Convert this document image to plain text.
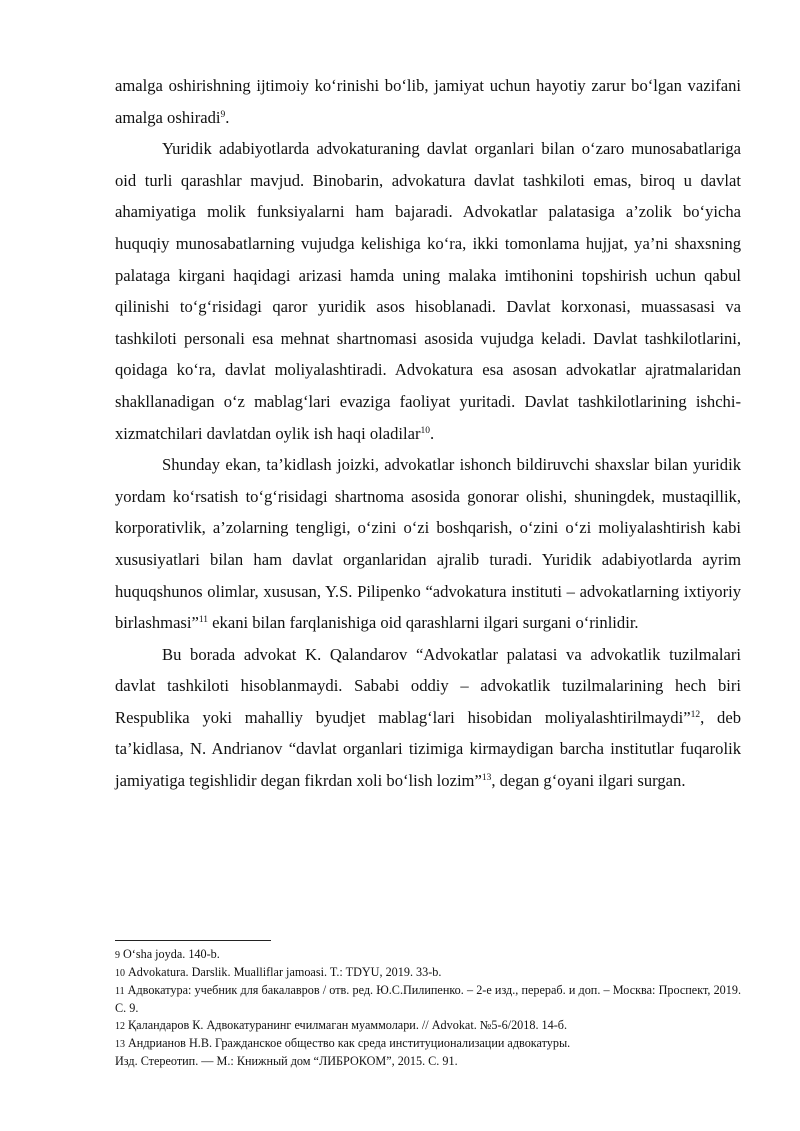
amalga oshirishning ijtimoiy ko‘rinishi bo‘lib, jamiyat uchun hayotiy zarur bo‘lgan vazifani amalga oshiradi$^9$.

Yuridik adabiyotlarda advokaturaning davlat organlari bilan o‘zaro munosabatlariga oid turli qarashlar mavjud. Binobarin, advokatura davlat tashkiloti emas, biroq u davlat ahamiyatiga molik funksiyalarni ham bajaradi. Advokatlar palatasiga a’zolik bo‘yicha huquqiy munosabatlarning vujudga kelishiga ko‘ra, ikki tomonlama hujjat, ya’ni shaxsning palataga kirgani haqidagi arizasi hamda uning malaka imtihonini topshirish uchun qabul qilinishi to‘g‘risidagi qaror yuridik asos hisoblanadi. Davlat korxonasi, muassasasi va tashkiloti personali esa mehnat shartnomasi asosida vujudga keladi. Davlat tashkilotlarini, qoidaga ko‘ra, davlat moliyalashtiradi. Advokatura esa asosan advokatlar ajratmalaridan shakllanadigan o‘z mablag‘lari evaziga faoliyat yuritadi. Davlat tashkilotlarining ishchi-xizmatchilari davlatdan oylik ish haqi oladilar$^{10}$.

Shunday ekan, ta’kidlash joizki, advokatlar ishonch bildiruvchi shaxslar bilan yuridik yordam ko‘rsatish to‘g‘risidagi shartnoma asosida gonorar olishi, shuningdek, mustaqillik, korporativlik, a’zolarning tengligi, o‘zini o‘zi boshqarish, o‘zini o‘zi moliyalashtirish kabi xususiyatlari bilan ham davlat organlaridan ajralib turadi. Yuridik adabiyotlarda ayrim huquqshunos olimlar, xususan, Y.S. Pilipenko “advokatura instituti – advokatlarning ixtiyoriy birlashmasi”$^{11}$ ekani bilan farqlanishiga oid qarashlarni ilgari surgani o‘rinlidir.

Bu borada advokat K. Qalandarov “Advokatlar palatasi va advokatlik tuzilmalari davlat tashkiloti hisoblanmaydi. Sababi oddiy – advokatlik tuzilmalarining hech biri Respublika yoki mahalliy byudjet mablag‘lari hisobidan moliyalashtirilmaydi”$^{12}$, deb ta’kidlasa, N. Andrianov “davlat organlari tizimiga kirmaydigan barcha institutlar fuqarolik jamiyatiga tegishlidir degan fikrdan xoli bo‘lish lozim”$^{13}$, degan g‘oyani ilgari surgan.

9 O‘sha joyda. 140-b.

10 Advokatura. Darslik. Mualliflar jamoasi. T.: TDYU, 2019. 33-b.

11 Адвокатура: учебник для бакалавров / отв. ред. Ю.С.Пилипенко. – 2-е изд., перераб. и доп. – Москва: Проспект, 2019. С. 9.

12 Қаландаров К. Адвокатуранинг ечилмаган муаммолари. // Advokat. №5-6/2018. 14-б.

13 Андрианов Н.В. Гражданское общество как среда институционализации адвокатуры.

Изд. Стереотип. — М.: Книжный дом “ЛИБРОКОМ”, 2015. С. 91.
